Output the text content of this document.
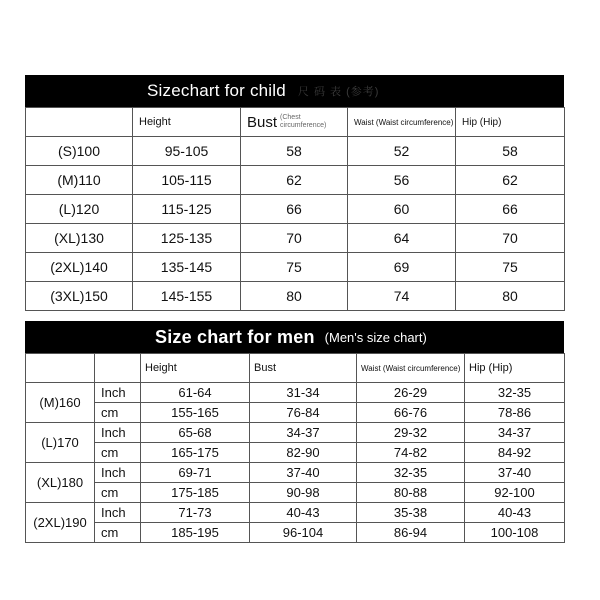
Sizechart for child 尺 码 表 (参考)
	Height	Bust (Chest circumference)	Waist (Waist circumference)	Hip (Hip)
(S)100	95-105	58	52	58
(M)110	105-115	62	56	62
(L)120	115-125	66	60	66
(XL)130	125-135	70	64	70
(2XL)140	135-145	75	69	75
(3XL)150	145-155	80	74	80
Size chart for men (Men's size chart)
		Height	Bust	Waist (Waist circumference)	Hip (Hip)
(M)160	Inch	61-64	31-34	26-29	32-35
	cm	155-165	76-84	66-76	78-86
(L)170	Inch	65-68	34-37	29-32	34-37
	cm	165-175	82-90	74-82	84-92
(XL)180	Inch	69-71	37-40	32-35	37-40
	cm	175-185	90-98	80-88	92-100
(2XL)190	Inch	71-73	40-43	35-38	40-43
	cm	185-195	96-104	86-94	100-108
